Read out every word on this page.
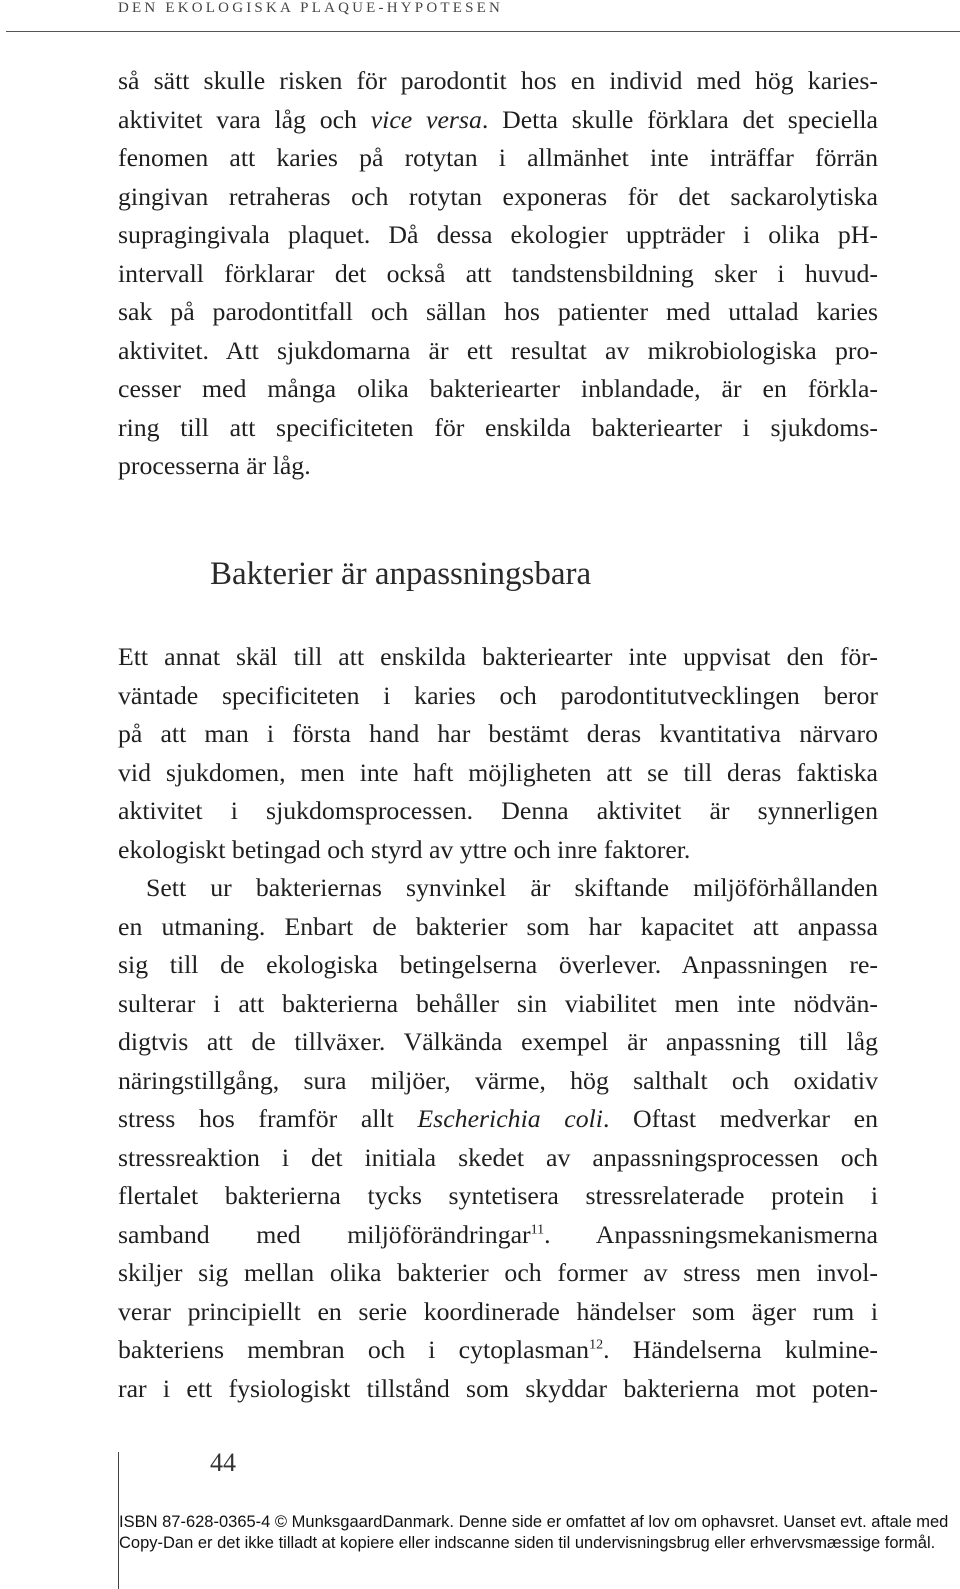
DEN EKOLOGISKA PLAQUE-HYPOTESEN

så sätt skulle risken för parodontit hos en individ med hög karies-
aktivitet vara låg och vice versa. Detta skulle förklara det speciella
fenomen att karies på rotytan i allmänhet inte inträffar förrän
gingivan retraheras och rotytan exponeras för det sackarolytiska
supragingivala plaquet. Då dessa ekologier uppträder i olika pH-
intervall förklarar det också att tandstensbildning sker i huvud-
sak på parodontitfall och sällan hos patienter med uttalad karies
aktivitet. Att sjukdomarna är ett resultat av mikrobiologiska pro-
cesser med många olika bakteriearter inblandade, är en förkla-
ring till att specificiteten för enskilda bakteriearter i sjukdoms-
processerna är låg.

Bakterier är anpassningsbara

Ett annat skäl till att enskilda bakteriearter inte uppvisat den för-
väntade specificiteten i karies och parodontitutvecklingen beror
på att man i första hand har bestämt deras kvantitativa närvaro
vid sjukdomen, men inte haft möjligheten att se till deras faktiska
aktivitet i sjukdomsprocessen. Denna aktivitet är synnerligen
ekologiskt betingad och styrd av yttre och inre faktorer.

Sett ur bakteriernas synvinkel är skiftande miljöförhållanden
en utmaning. Enbart de bakterier som har kapacitet att anpassa
sig till de ekologiska betingelserna överlever. Anpassningen re-
sulterar i att bakterierna behåller sin viabilitet men inte nödvän-
digtvis att de tillväxer. Välkända exempel är anpassning till låg
näringstillgång, sura miljöer, värme, hög salthalt och oxidativ
stress hos framför allt Escherichia coli. Oftast medverkar en
stressreaktion i det initiala skedet av anpassningsprocessen och
flertalet bakterierna tycks syntetisera stressrelaterade protein i
samband med miljöförändringar$^{11}$. Anpassningsmekanismerna
skiljer sig mellan olika bakterier och former av stress men invol-
verar principiellt en serie koordinerade händelser som äger rum i
bakteriens membran och i cytoplasman$^{12}$. Händelserna kulmine-
rar i ett fysiologiskt tillstånd som skyddar bakterierna mot poten-

44
ISBN 87-628-0365-4 © MunksgaardDanmark. Denne side er omfattet af lov om ophavsret. Uanset evt. aftale med
Copy-Dan er det ikke tilladt at kopiere eller indscanne siden til undervisningsbrug eller erhvervsmæssige formål.
